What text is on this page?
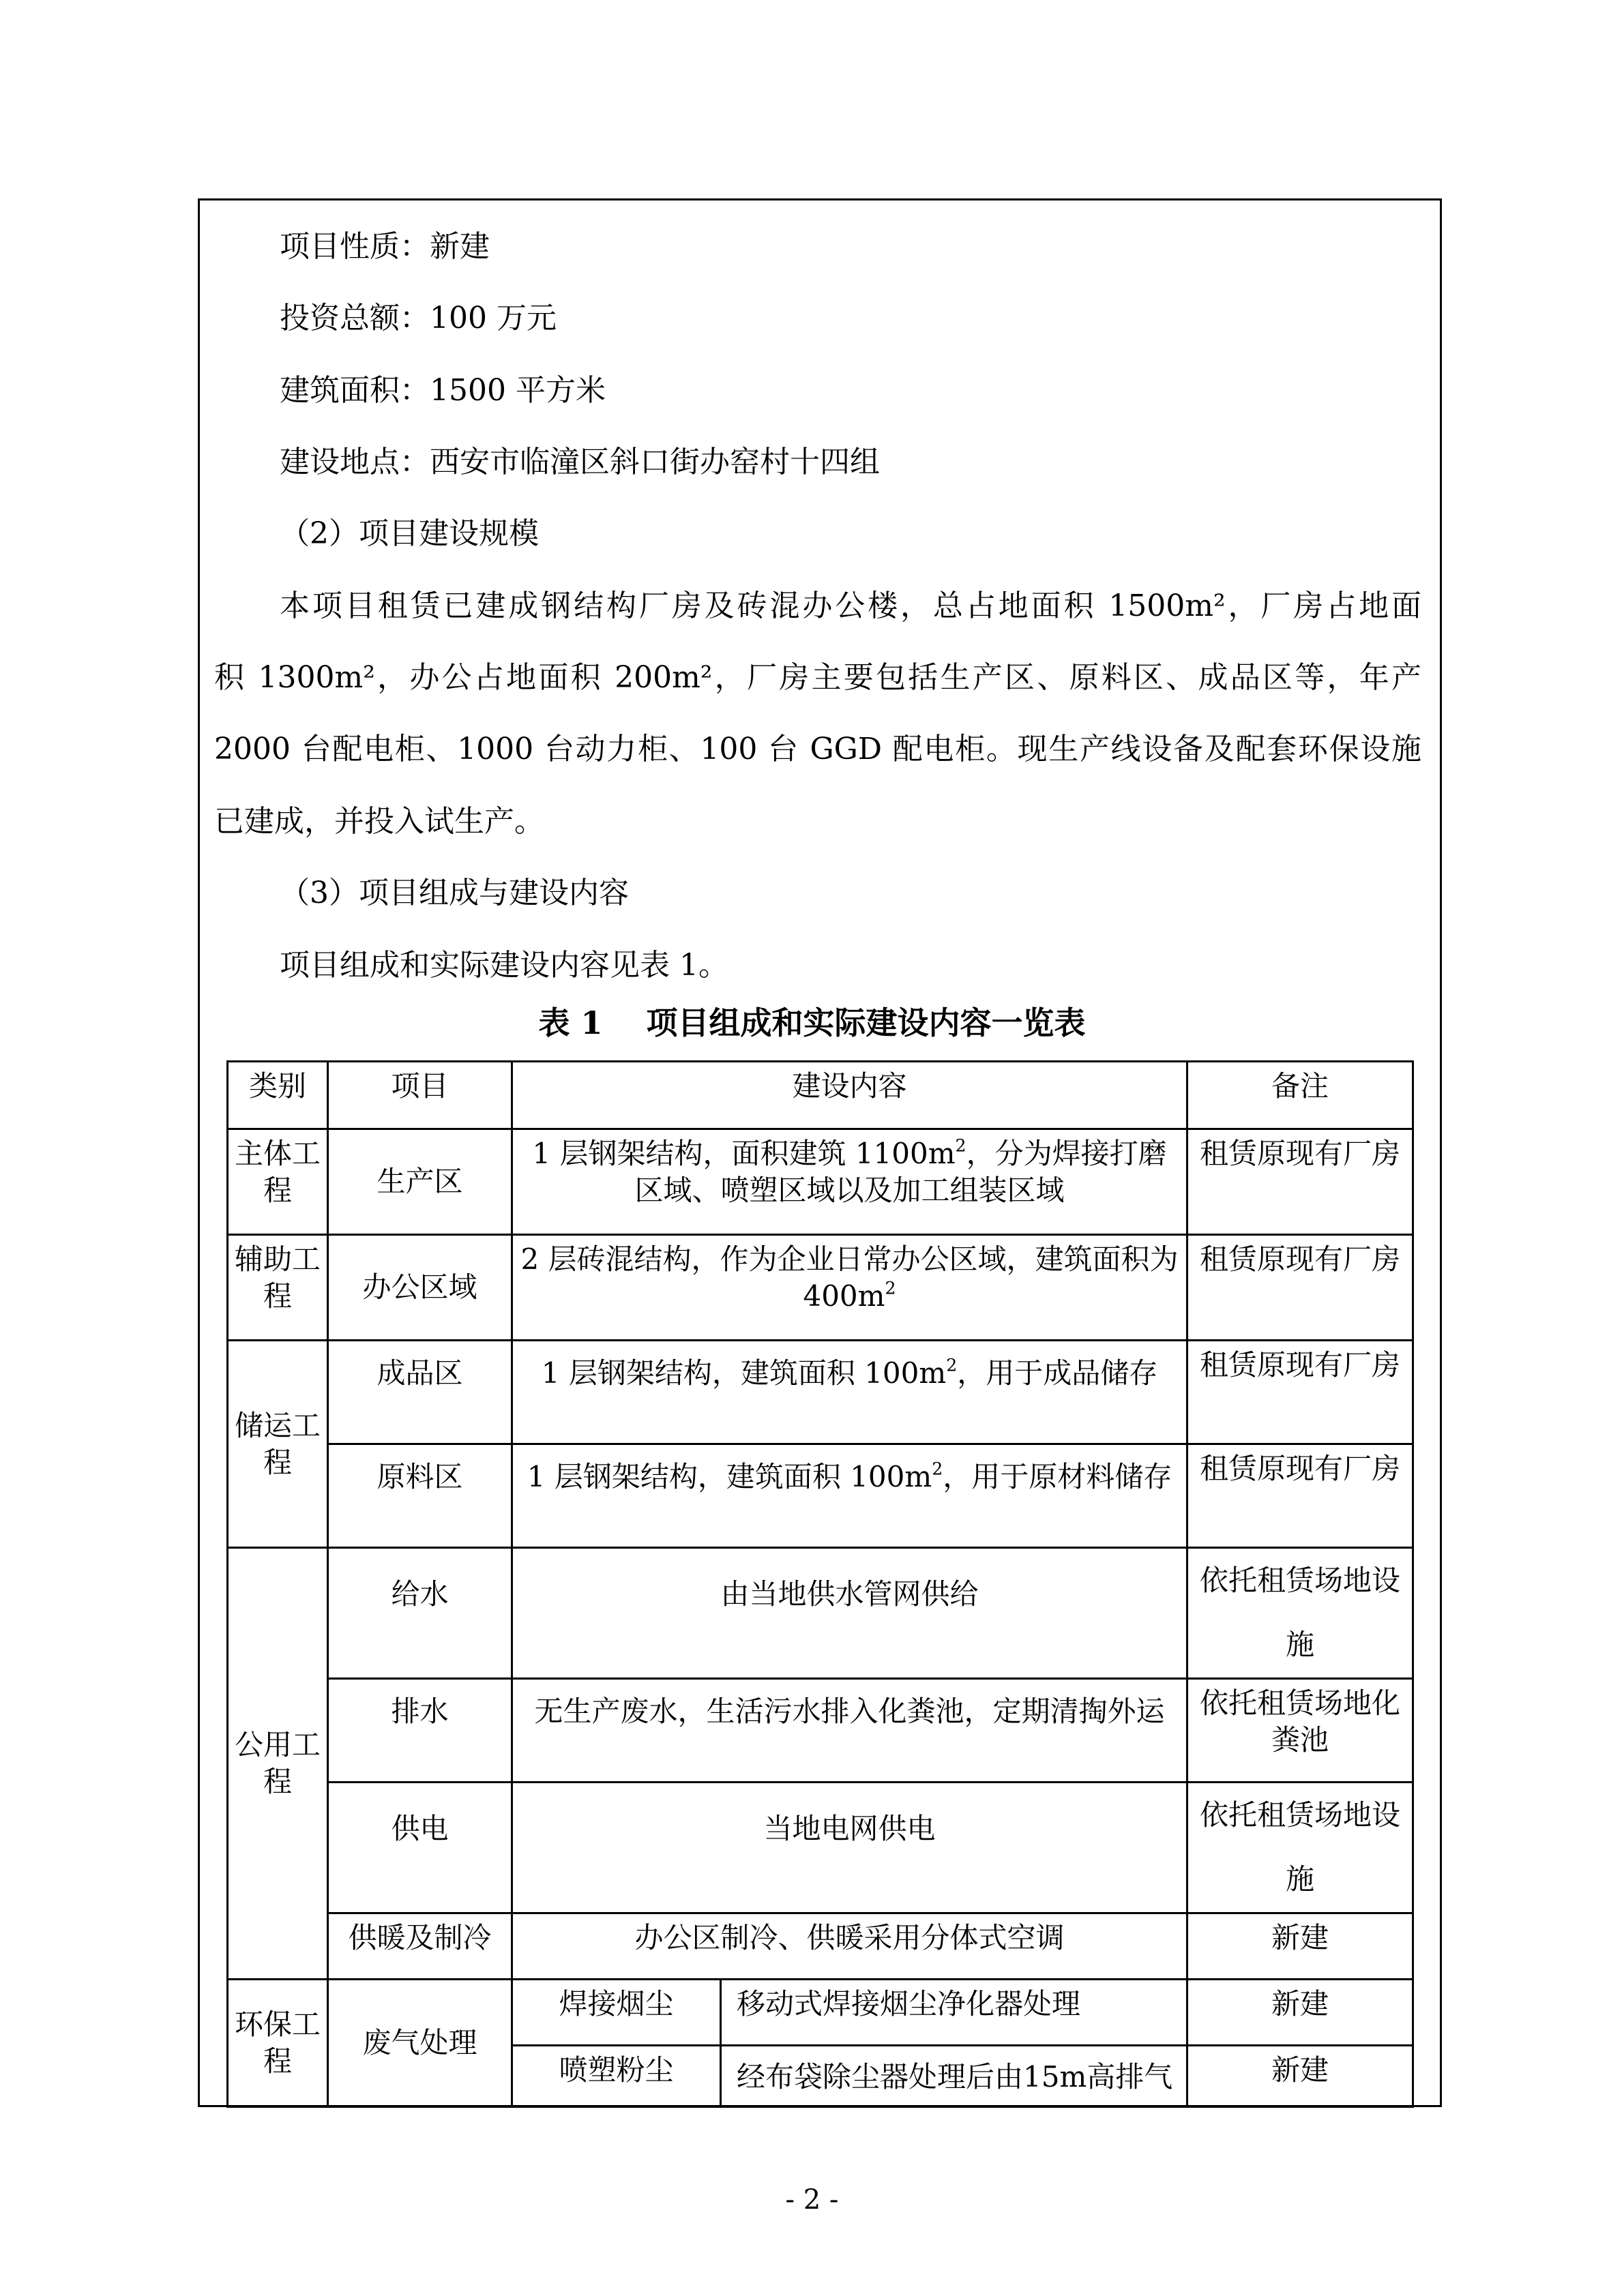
项目性质：新建
投资总额：100 万元
建筑面积：1500 平方米
建设地点：西安市临潼区斜口街办窑村十四组
（2）项目建设规模
本项目租赁已建成钢结构厂房及砖混办公楼，总占地面积 1500m²，厂房占地面
积 1300m²，办公占地面积 200m²，厂房主要包括生产区、原料区、成品区等，年产
2000 台配电柜、1000 台动力柜、100 台 GGD 配电柜。现生产线设备及配套环保设施
已建成，并投入试生产。
（3）项目组成与建设内容
项目组成和实际建设内容见表 1。
表 1    项目组成和实际建设内容一览表
类别	项目	建设内容		备注
主体工程	生产区	1 层钢架结构，面积建筑 $1100m^2$，分为焊接打磨区域、喷塑区域以及加工组装区域		租赁原现有厂房
辅助工程	办公区域	2 层砖混结构，作为企业日常办公区域，建筑面积为 $400m^2$		租赁原现有厂房
储运工程	成品区	1 层钢架结构，建筑面积 $100m^2$，用于成品储存		租赁原现有厂房
	原料区	1 层钢架结构，建筑面积 $100m^2$，用于原材料储存		租赁原现有厂房
公用工程	给水	由当地供水管网供给		依托租赁场地设施
	排水	无生产废水，生活污水排入化粪池，定期清掏外运		依托租赁场地化粪池
	供电	当地电网供电		依托租赁场地设施
	供暖及制冷	办公区制冷、供暖采用分体式空调		新建
环保工程	废气处理	焊接烟尘	移动式焊接烟尘净化器处理	新建
		喷塑粉尘	经布袋除尘器处理后由15m高排气	新建
- 2 -
